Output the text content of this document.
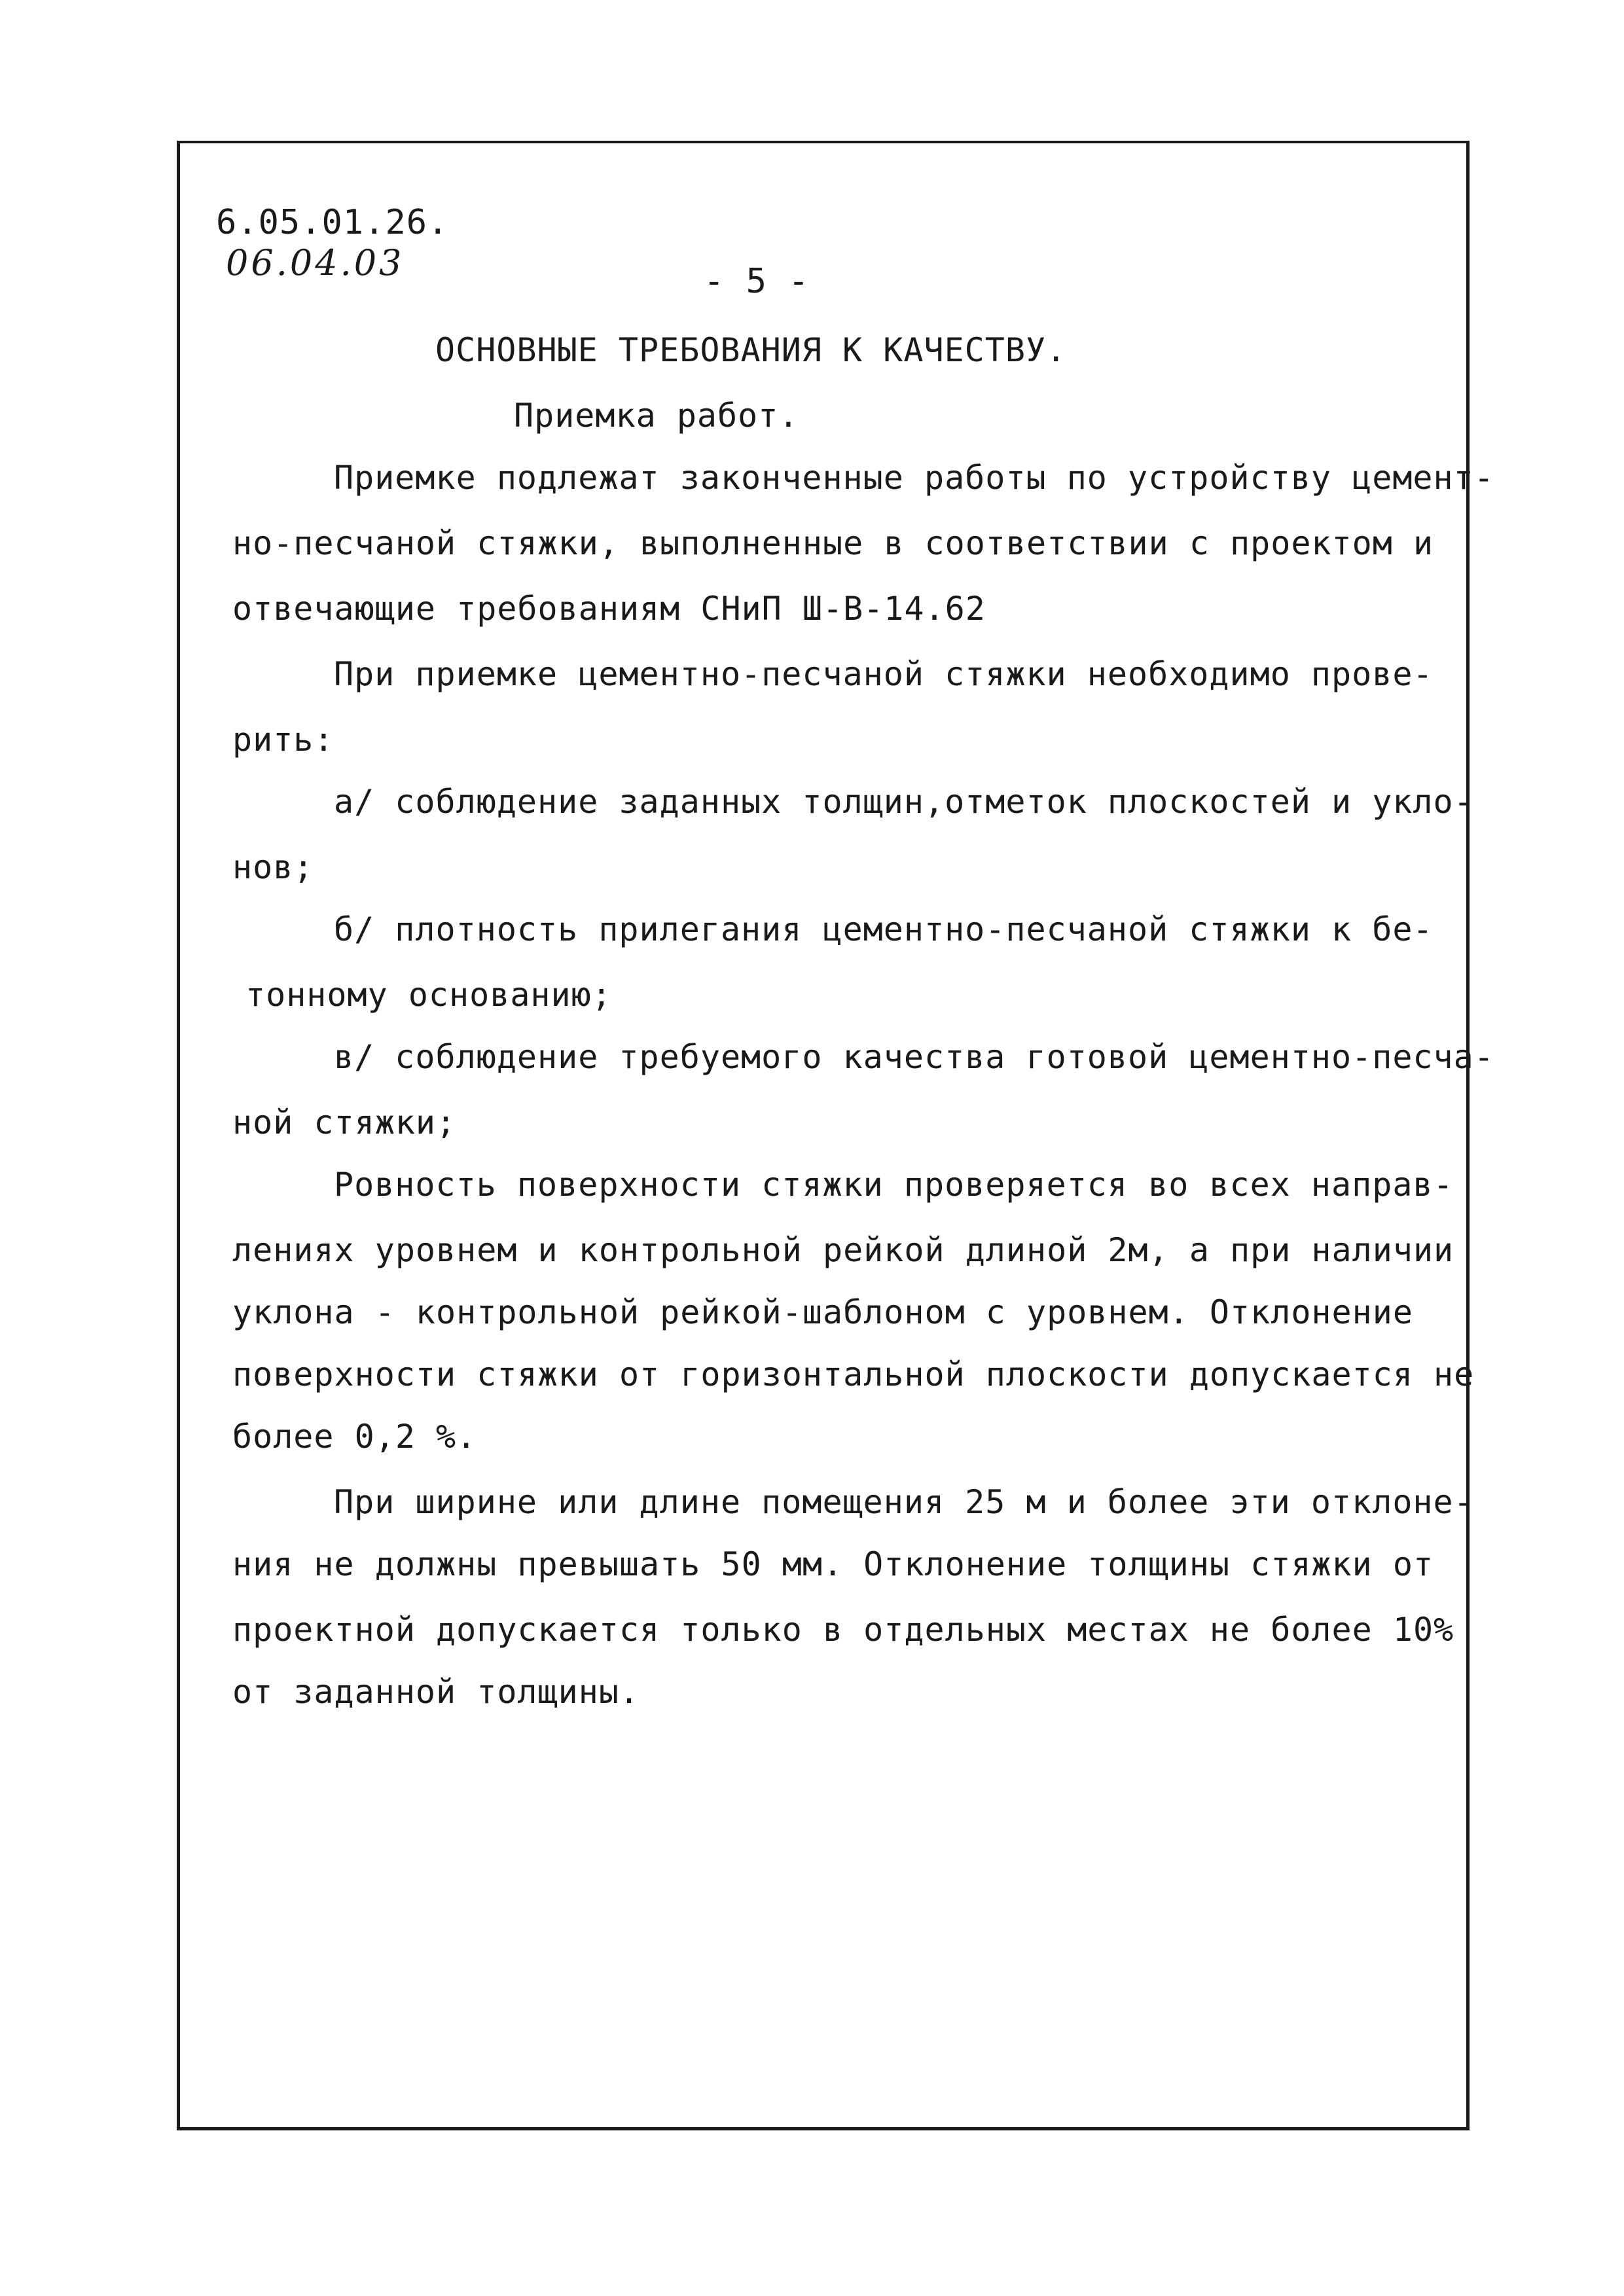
6.05.01.26.
06.04.03	- 5 -
ОСНОВНЫЕ ТРЕБОВАНИЯ К КАЧЕСТВУ.
Приемка работ.
Приемке подлежат законченные работы по устройству цемент-
но-песчаной стяжки, выполненные в соответствии с проектом и
отвечающие требованиям СНиП Ш-В-14.62
При приемке цементно-песчаной стяжки необходимо прове-
рить:
а/ соблюдение заданных толщин,отметок плоскостей и укло-
нов;
б/ плотность прилегания цементно-песчаной стяжки к бе-
тонному основанию;
в/ соблюдение требуемого качества готовой цементно-песча-
ной стяжки;
Ровность поверхности стяжки проверяется во всех направ-
лениях уровнем и контрольной рейкой длиной 2м, а при наличии
уклона - контрольной рейкой-шаблоном с уровнем. Отклонение
поверхности стяжки от горизонтальной плоскости допускается не
более 0,2 %.
При ширине или длине помещения 25 м и более эти отклоне-
ния не должны превышать 50 мм. Отклонение толщины стяжки от
проектной допускается только в отдельных местах не более 10%
от заданной толщины.
